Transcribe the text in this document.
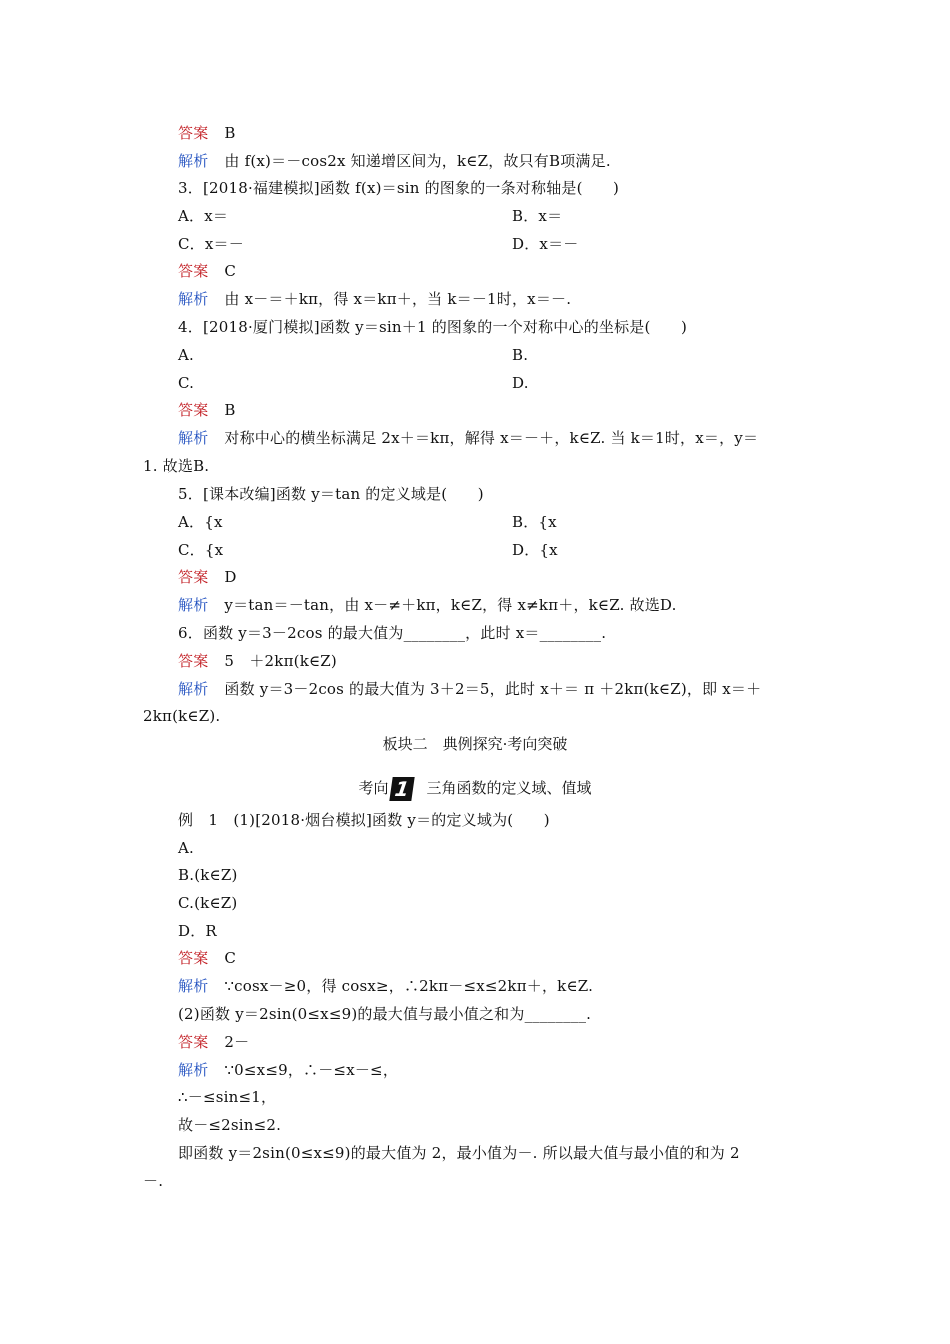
答案 B
解析 由 f(x)＝－cos2x 知递增区间为，k∈Z，故只有B项满足.
3．[2018·福建模拟]函数 f(x)＝sin 的图象的一条对称轴是(　　)
A．x＝	B．x＝
C．x＝－	D．x＝－
答案 C
解析 由 x－＝＋kπ，得 x＝kπ＋，当 k＝－1时，x＝－.
4．[2018·厦门模拟]函数 y＝sin＋1 的图象的一个对称中心的坐标是(　　)
A.	B.
C.	D.
答案 B
解析 对称中心的横坐标满足 2x＋＝kπ，解得 x＝－＋，k∈Z. 当 k＝1时，x＝，y＝
1. 故选B.
5．[课本改编]函数 y＝tan 的定义域是(　　)
A．{x	B．{x
C．{x	D．{x
答案 D
解析 y＝tan＝－tan，由 x－≠＋kπ，k∈Z，得 x≠kπ＋，k∈Z. 故选D.
6．函数 y＝3－2cos 的最大值为________，此时 x＝________.
答案 5　＋2kπ(k∈Z)
解析 函数 y＝3－2cos 的最大值为 3＋2＝5，此时 x＋＝ π ＋2kπ(k∈Z)，即 x＝＋
2kπ(k∈Z).
板块二　典例探究·考向突破
考向 1 三角函数的定义域、值域
例　1　(1)[2018·烟台模拟]函数 y＝的定义域为(　　)
A.
B.(k∈Z)
C.(k∈Z)
D．R
答案 C
解析 ∵cosx－≥0，得 cosx≥，∴2kπ－≤x≤2kπ＋，k∈Z.
(2)函数 y＝2sin(0≤x≤9)的最大值与最小值之和为________.
答案 2－
解析 ∵0≤x≤9，∴－≤x－≤，
∴－≤sin≤1，
故－≤2sin≤2.
即函数 y＝2sin(0≤x≤9)的最大值为 2，最小值为－. 所以最大值与最小值的和为 2
－.
